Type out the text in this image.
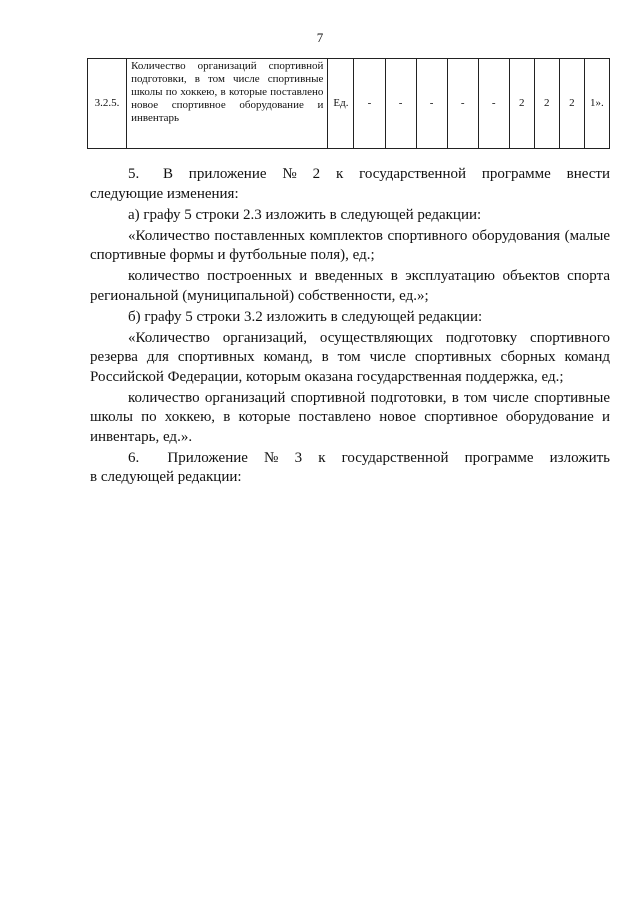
7
3.2.5.	Количество организаций спортивной подготовки, в том числе спортивные школы по хоккею, в которые поставлено новое спортивное оборудование и инвентарь	Ед.	-	-	-	-	-	2	2	2	1».

5.      В    приложение    №    2    к    государственной    программе    внести следующие изменения:

а) графу 5 строки 2.3 изложить в следующей редакции:

«Количество поставленных комплектов спортивного оборудования (малые спортивные формы и футбольные поля), ед.;

количество построенных и введенных в эксплуатацию объектов спорта региональной (муниципальной) собственности, ед.»;

б) графу 5 строки 3.2 изложить в следующей редакции:

«Количество организаций, осуществляющих подготовку спортивного резерва для спортивных команд, в том числе спортивных сборных команд Российской Федерации, которым оказана государственная поддержка, ед.;

количество организаций спортивной подготовки, в том числе спортивные школы по хоккею, в которые поставлено новое спортивное оборудование и инвентарь, ед.».

6.       Приложение    №    3    к    государственной    программе    изложить    в следующей редакции:
